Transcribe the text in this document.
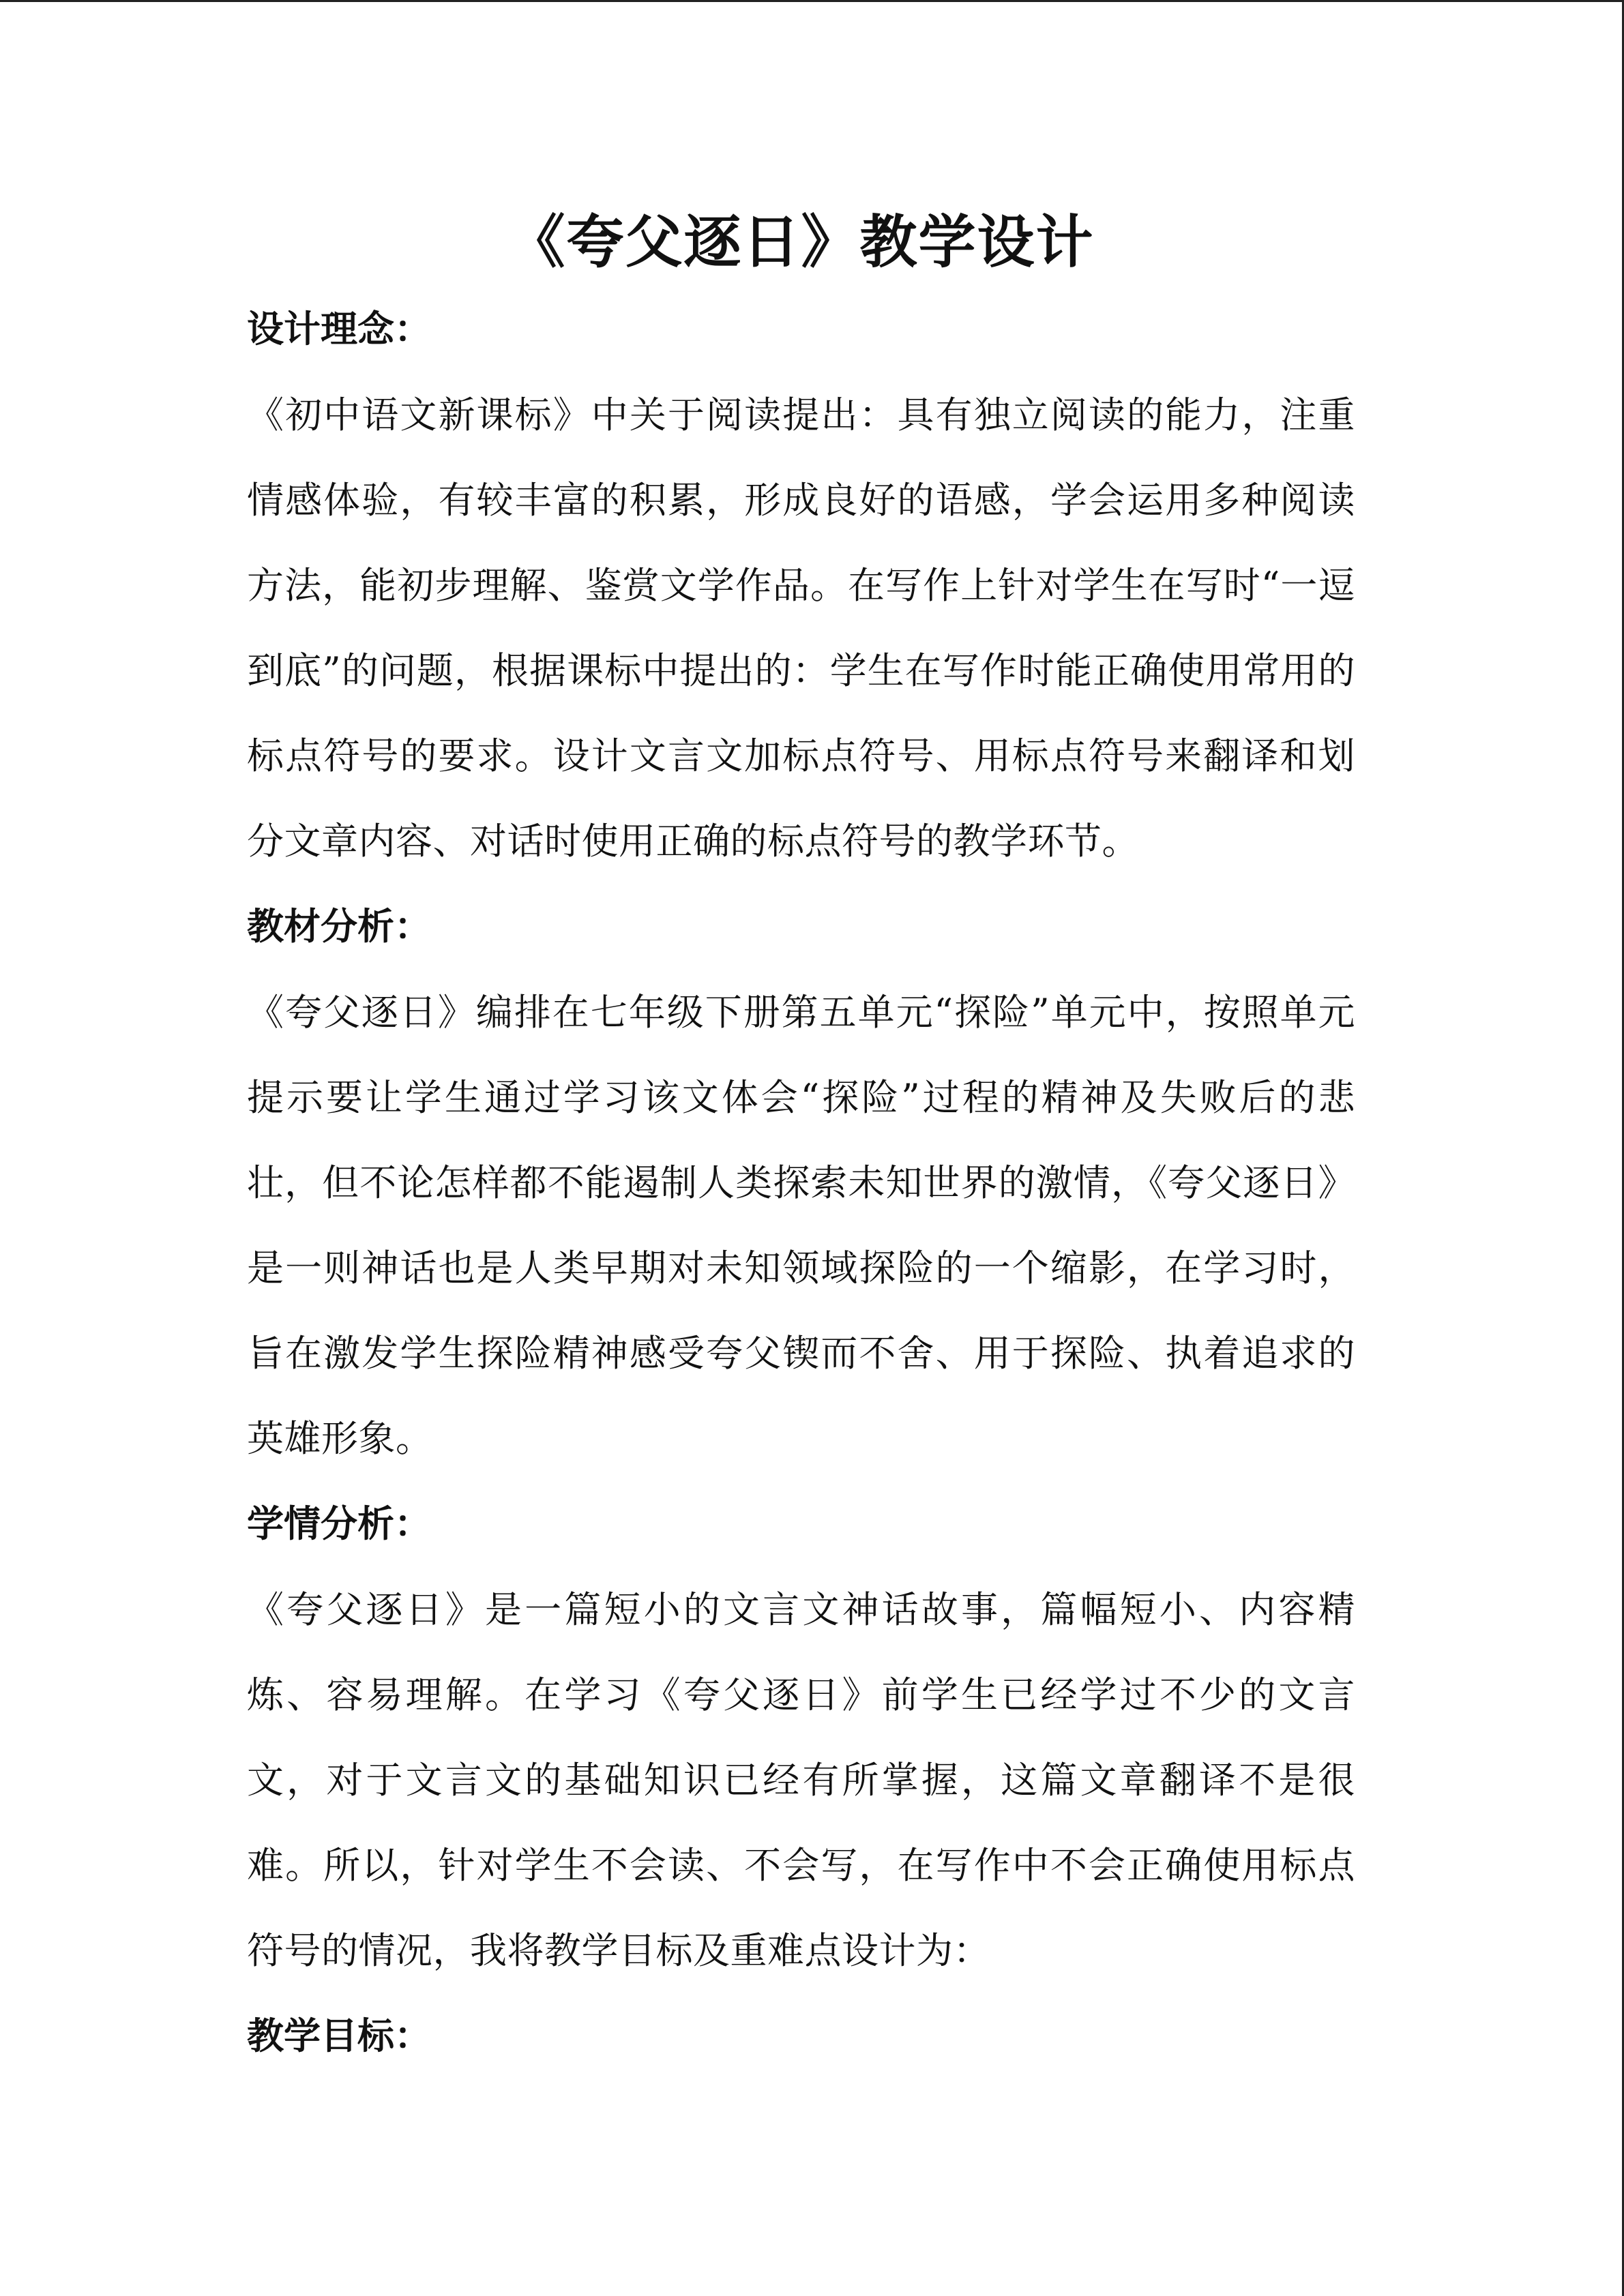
《夸父逐日》教学设计
设计理念：

《初中语文新课标》中关于阅读提出：具有独立阅读的能力，注重情感体验，有较丰富的积累，形成良好的语感，学会运用多种阅读方法，能初步理解、鉴赏文学作品。在写作上针对学生在写时“一逗到底”的问题，根据课标中提出的：学生在写作时能正确使用常用的标点符号的要求。设计文言文加标点符号、用标点符号来翻译和划分文章内容、对话时使用正确的标点符号的教学环节。

教材分析：

《夸父逐日》编排在七年级下册第五单元“探险”单元中，按照单元提示要让学生通过学习该文体会“探险”过程的精神及失败后的悲壮，但不论怎样都不能遏制人类探索未知世界的激情，《夸父逐日》是一则神话也是人类早期对未知领域探险的一个缩影，在学习时，旨在激发学生探险精神感受夸父锲而不舍、用于探险、执着追求的英雄形象。

学情分析：

《夸父逐日》是一篇短小的文言文神话故事，篇幅短小、内容精炼、容易理解。在学习《夸父逐日》前学生已经学过不少的文言文，对于文言文的基础知识已经有所掌握，这篇文章翻译不是很难。所以，针对学生不会读、不会写，在写作中不会正确使用标点符号的情况，我将教学目标及重难点设计为：

教学目标：
